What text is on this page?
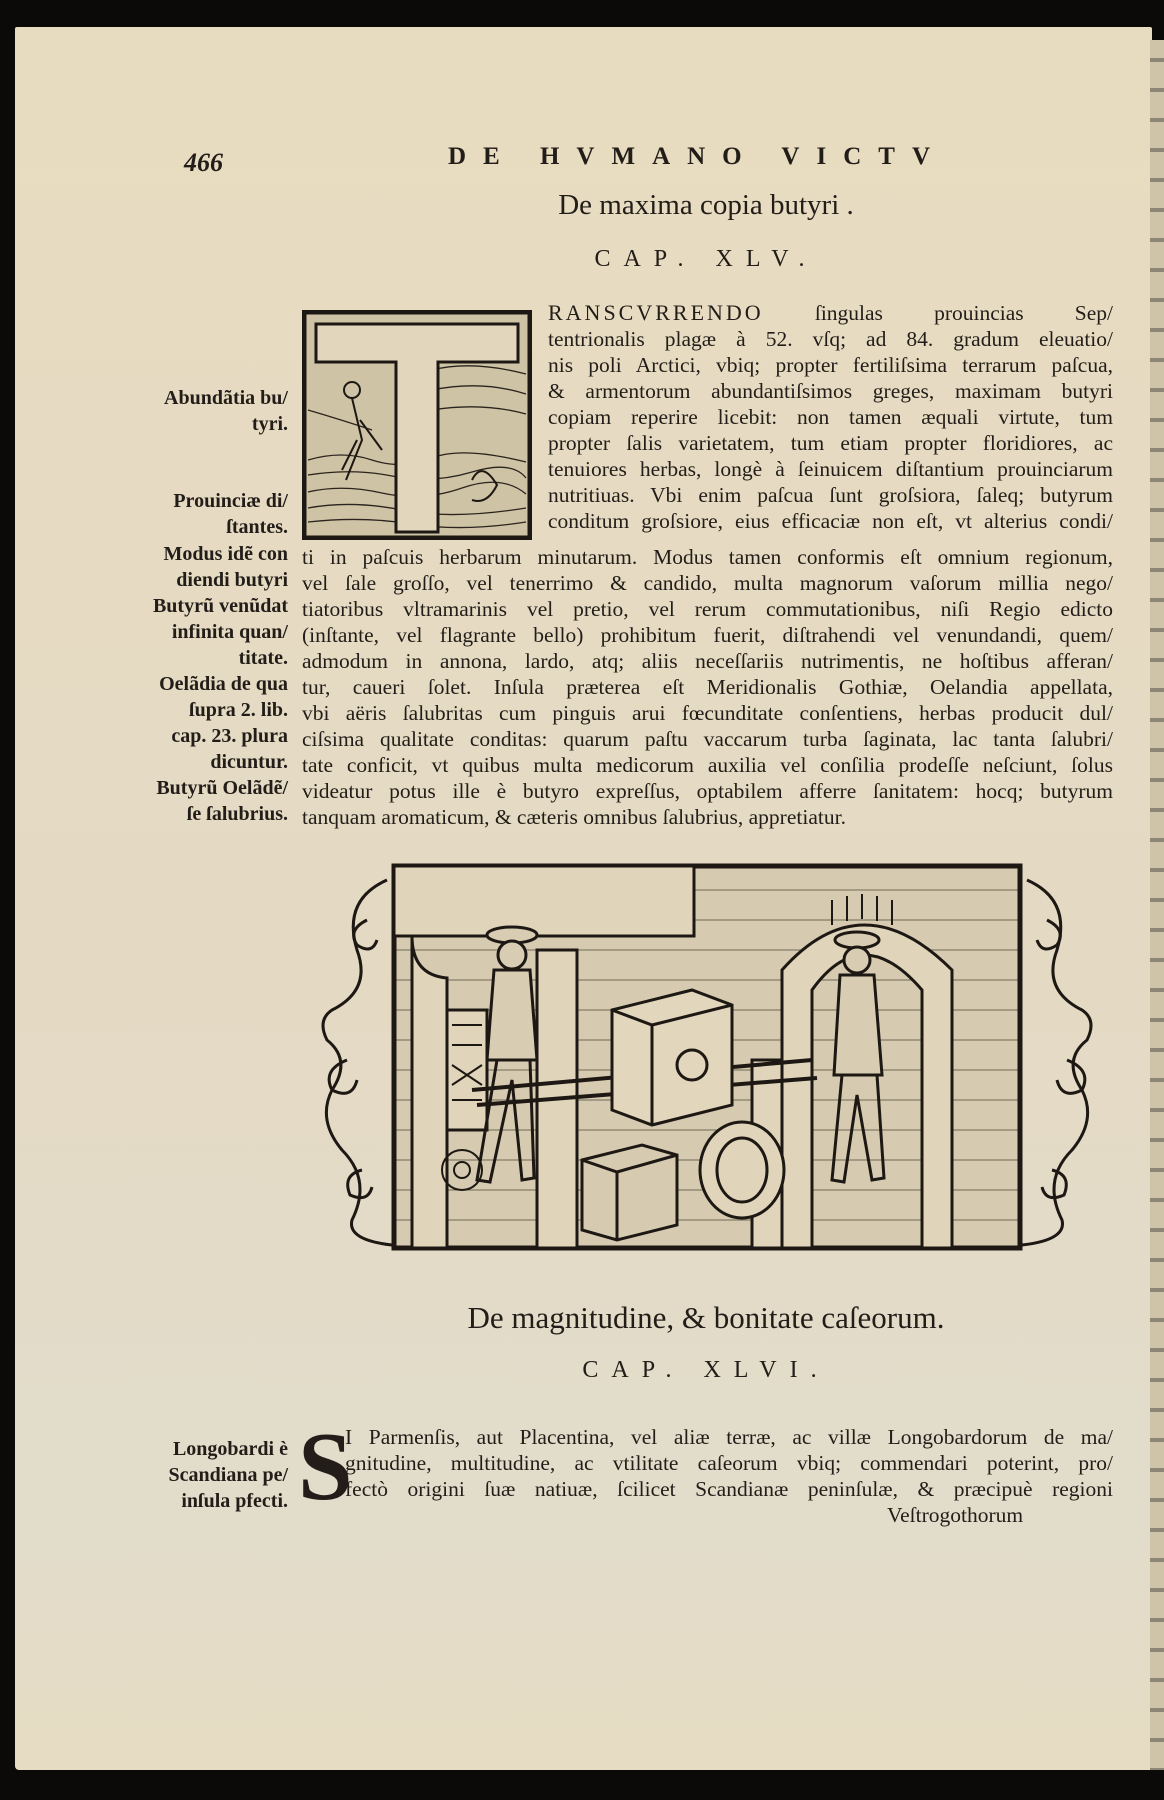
466	DE HVMANO VICTV
De maxima copia butyri .
CAP. XLV.
RANSCVRRENDO ſingulas prouincias Sep/
tentrionalis plagæ à 52. vſq; ad 84. gradum eleuatio/
nis poli Arctici, vbiq; propter fertiliſsima terrarum paſcua,
& armentorum abundantiſsimos greges, maximam butyri
copiam reperire licebit: non tamen æquali virtute, tum
propter ſalis varietatem, tum etiam propter floridiores, ac
tenuiores herbas, longè à ſeinuicem diſtantium prouinciarum
nutritiuas. Vbi enim paſcua ſunt groſsiora, ſaleq; butyrum
conditum groſsiore, eius efficaciæ non eſt, vt alterius condi/
ti in paſcuis herbarum minutarum. Modus tamen conformis eſt omnium regionum,
vel ſale groſſo, vel tenerrimo & candido, multa magnorum vaſorum millia nego/
tiatoribus vltramarinis vel pretio, vel rerum commutationibus, niſi Regio edicto
(inſtante, vel flagrante bello) prohibitum fuerit, diſtrahendi vel venundandi, quem/
admodum in annona, lardo, atq; aliis neceſſariis nutrimentis, ne hoſtibus afferan/
tur, caueri ſolet. Inſula præterea eſt Meridionalis Gothiæ, Oelandia appellata,
vbi aëris ſalubritas cum pinguis arui fœcunditate conſentiens, herbas producit dul/
ciſsima qualitate conditas: quarum paſtu vaccarum turba ſaginata, lac tanta ſalubri/
tate conficit, vt quibus multa medicorum auxilia vel conſilia prodeſſe neſciunt, ſolus
videatur potus ille è butyro expreſſus, optabilem afferre ſanitatem: hocq; butyrum
tanquam aromaticum, & cæteris omnibus ſalubrius, appretiatur.
Abundãtia bu/
tyri.
Prouinciæ di/
ſtantes.
Modus idẽ con
diendi butyri
Butyrũ venũdat
infinita quan/
titate.
Oelãdia de qua
ſupra 2. lib.
cap. 23. plura
dicuntur.
Butyrũ Oelãdẽ/
ſe ſalubrius.
De magnitudine, & bonitate caſeorum.
CAP. XLVI.
S
I Parmenſis, aut Placentina, vel aliæ terræ, ac villæ Longobardorum de ma/
gnitudine, multitudine, ac vtilitate caſeorum vbiq; commendari poterint, pro/
fectò origini ſuæ natiuæ, ſcilicet Scandianæ peninſulæ, & præcipuè regioni
Veſtrogothorum
Longobardi è
Scandiana pe/
inſula pfecti.
